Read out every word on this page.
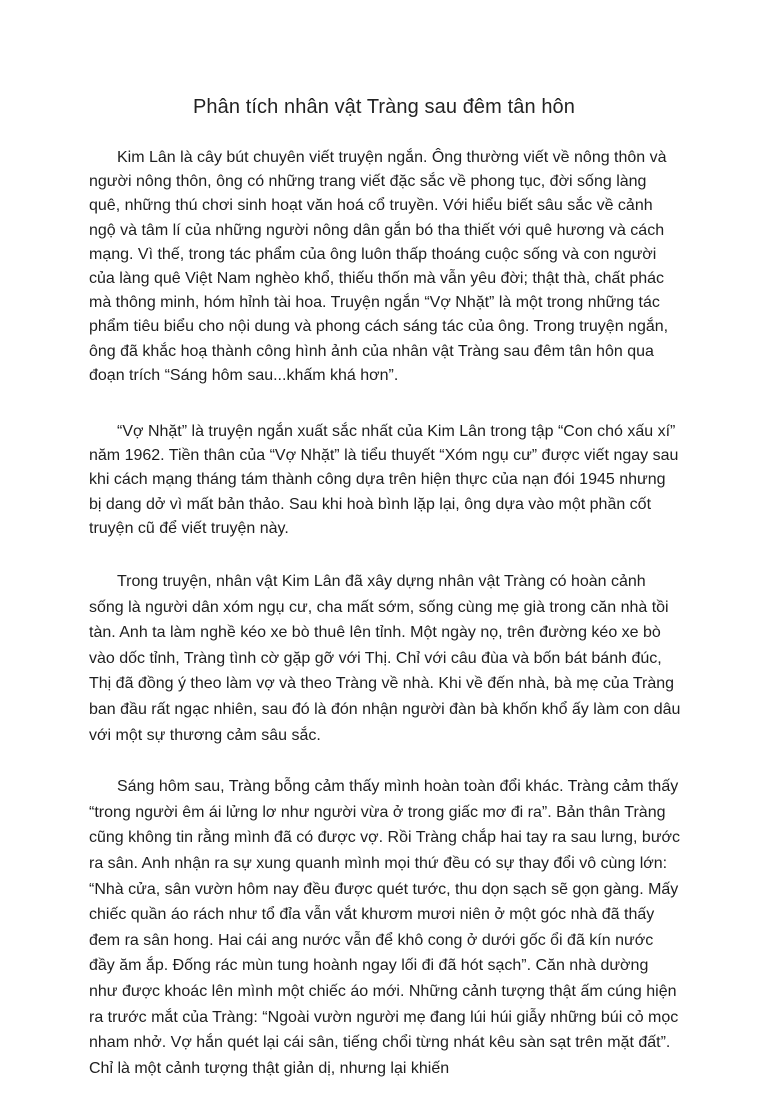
Phân tích nhân vật Tràng sau đêm tân hôn

Kim Lân là cây bút chuyên viết truyện ngắn. Ông thường viết về nông thôn và người nông thôn, ông có những trang viết đặc sắc về phong tục, đời sống làng quê, những thú chơi sinh hoạt văn hoá cổ truyền. Với hiểu biết sâu sắc về cảnh ngộ và tâm lí của những người nông dân gắn bó tha thiết với quê hương và cách mạng. Vì thế, trong tác phẩm của ông luôn thấp thoáng cuộc sống và con người của làng quê Việt Nam nghèo khổ, thiếu thốn mà vẫn yêu đời; thật thà, chất phác mà thông minh, hóm hỉnh tài hoa. Truyện ngắn “Vợ Nhặt” là một trong những tác phẩm tiêu biểu cho nội dung và phong cách sáng tác của ông. Trong truyện ngắn, ông đã khắc hoạ thành công hình ảnh của nhân vật Tràng sau đêm tân hôn qua đoạn trích “Sáng hôm sau...khấm khá hơn”.

“Vợ Nhặt” là truyện ngắn xuất sắc nhất của Kim Lân trong tập “Con chó xấu xí” năm 1962. Tiền thân của “Vợ Nhặt” là tiểu thuyết “Xóm ngụ cư” được viết ngay sau khi cách mạng tháng tám thành công dựa trên hiện thực của nạn đói 1945 nhưng bị dang dở vì mất bản thảo. Sau khi hoà bình lặp lại, ông dựa vào một phần cốt truyện cũ để viết truyện này.

Trong truyện, nhân vật Kim Lân đã xây dựng nhân vật Tràng có hoàn cảnh sống là người dân xóm ngụ cư, cha mất sớm, sống cùng mẹ già trong căn nhà tồi tàn. Anh ta làm nghề kéo xe bò thuê lên tỉnh. Một ngày nọ, trên đường kéo xe bò vào dốc tỉnh, Tràng tình cờ gặp gỡ với Thị. Chỉ với câu đùa và bốn bát bánh đúc, Thị đã đồng ý theo làm vợ và theo Tràng về nhà. Khi về đến nhà, bà mẹ của Tràng ban đầu rất ngạc nhiên, sau đó là đón nhận người đàn bà khốn khổ ấy làm con dâu với một sự thương cảm sâu sắc.

Sáng hôm sau, Tràng bỗng cảm thấy mình hoàn toàn đổi khác. Tràng cảm thấy “trong người êm ái lửng lơ như người vừa ở trong giấc mơ đi ra”. Bản thân Tràng cũng không tin rằng mình đã có được vợ. Rồi Tràng chắp hai tay ra sau lưng, bước ra sân. Anh nhận ra sự xung quanh mình mọi thứ đều có sự thay đổi vô cùng lớn: “Nhà cửa, sân vườn hôm nay đều được quét tước, thu dọn sạch sẽ gọn gàng. Mấy chiếc quần áo rách như tổ đỉa vẫn vắt khươm mươi niên ở một góc nhà đã thấy đem ra sân hong. Hai cái ang nước vẫn để khô cong ở dưới gốc ổi đã kín nước đầy ăm ắp. Đống rác mùn tung hoành ngay lối đi đã hót sạch”. Căn nhà dường như được khoác lên mình một chiếc áo mới. Những cảnh tượng thật ấm cúng hiện ra trước mắt của Tràng: “Ngoài vườn người mẹ đang lúi húi giẫy những búi cỏ mọc nham nhở. Vợ hắn quét lại cái sân, tiếng chổi từng nhát kêu sàn sạt trên mặt đất”. Chỉ là một cảnh tượng thật giản dị, nhưng lại khiến
